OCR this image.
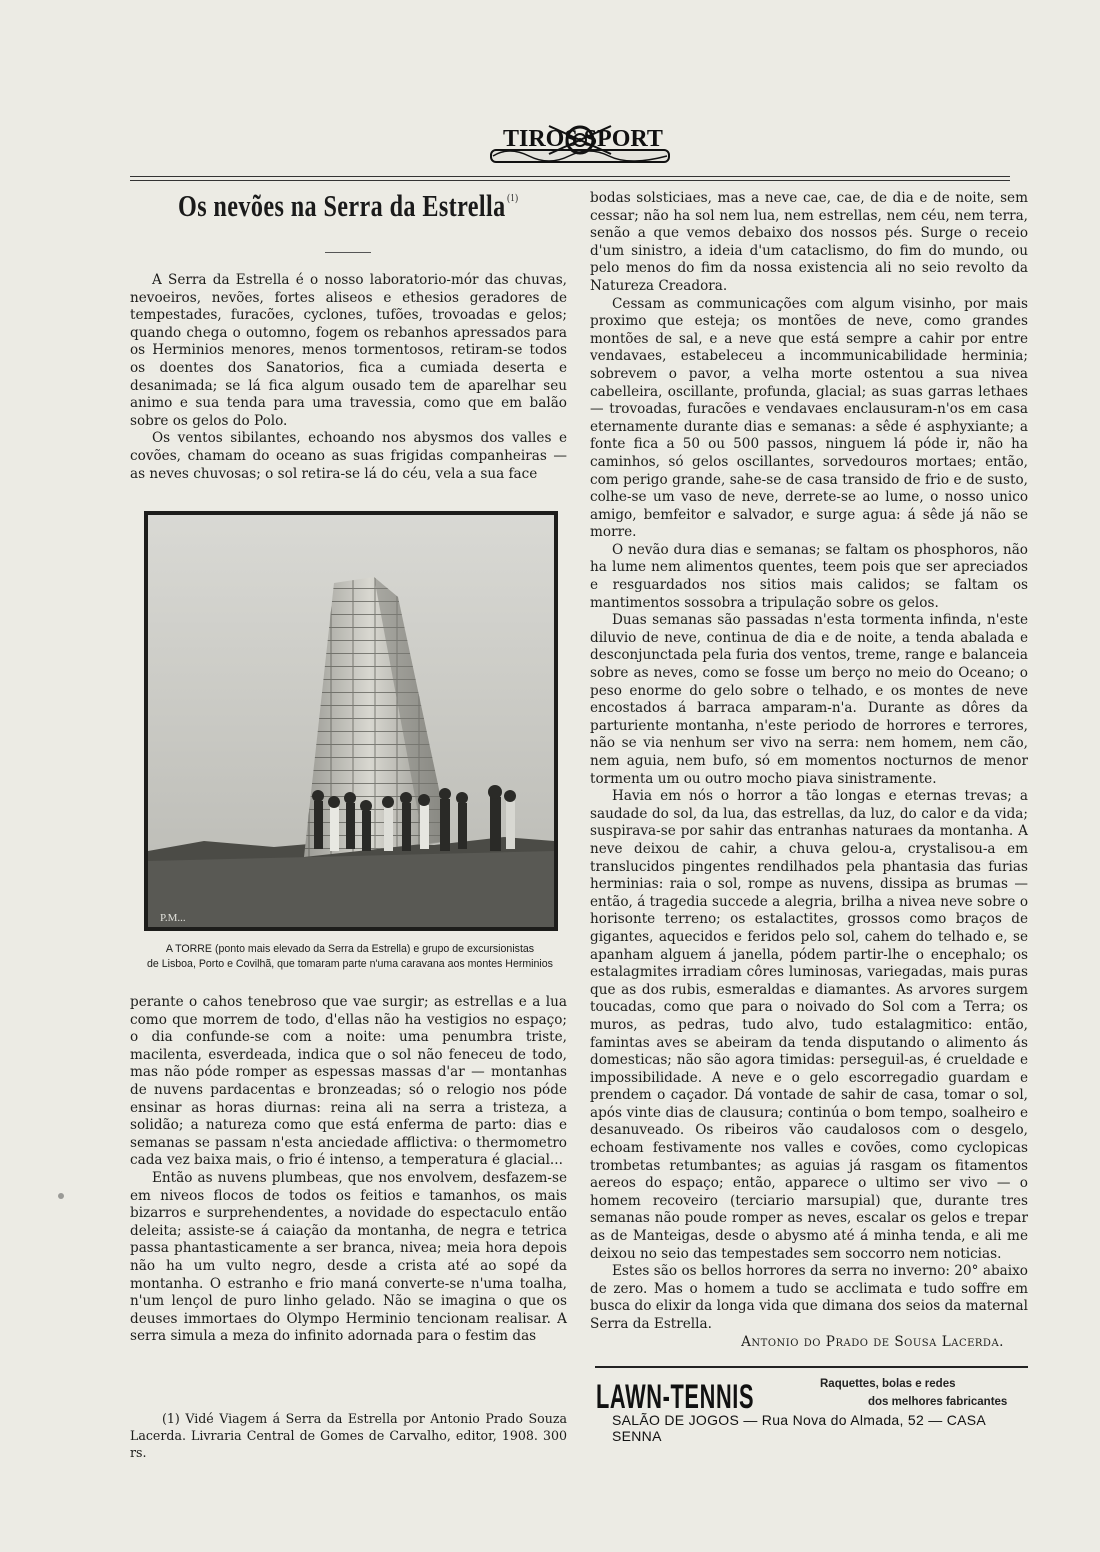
TIROS SPORT
Os nevões na Serra da Estrella $^{(1)}$

A Serra da Estrella é o nosso laboratorio-mór das chuvas, nevoeiros, nevões, fortes aliseos e ethesios geradores de tempestades, furacões, cyclones, tufões, trovoadas e gelos; quando chega o outomno, fogem os rebanhos apressados para os Herminios menores, menos tormentosos, retiram-se todos os doentes dos Sanatorios, fica a cumiada deserta e desanimada; se lá fica algum ousado tem de aparelhar seu animo e sua tenda para uma travessia, como que em balão sobre os gelos do Polo.

Os ventos sibilantes, echoando nos abysmos dos valles e covões, chamam do oceano as suas frigidas companheiras — as neves chuvosas; o sol retira-se lá do céu, vela a sua face

P.M...
A TORRE (ponto mais elevado da Serra da Estrella) e grupo de excursionistas
de Lisboa, Porto e Covilhã, que tomaram parte n'uma caravana aos montes Herminios

perante o cahos tenebroso que vae surgir; as estrellas e a lua como que morrem de todo, d'ellas não ha vestigios no espaço; o dia confunde-se com a noite: uma penumbra triste, macilenta, esverdeada, indica que o sol não feneceu de todo, mas não póde romper as espessas massas d'ar — montanhas de nuvens pardacentas e bronzeadas; só o relogio nos póde ensinar as horas diurnas: reina ali na serra a tristeza, a solidão; a natureza como que está enferma de parto: dias e semanas se passam n'esta anciedade afflictiva: o thermometro cada vez baixa mais, o frio é intenso, a temperatura é glacial...

Então as nuvens plumbeas, que nos envolvem, desfazem-se em niveos flocos de todos os feitios e tamanhos, os mais bizarros e surprehendentes, a novidade do espectaculo então deleita; assiste-se á caiação da montanha, de negra e tetrica passa phantasticamente a ser branca, nivea; meia hora depois não ha um vulto negro, desde a crista até ao sopé da montanha. O estranho e frio maná converte-se n'uma toalha, n'um lençol de puro linho gelado. Não se imagina o que os deuses immortaes do Olympo Herminio tencionam realisar. A serra simula a meza do infinito adornada para o festim das

(1) Vidé Viagem á Serra da Estrella por Antonio Prado Souza Lacerda. Livraria Central de Gomes de Carvalho, editor, 1908. 300 rs.

bodas solsticiaes, mas a neve cae, cae, de dia e de noite, sem cessar; não ha sol nem lua, nem estrellas, nem céu, nem terra, senão a que vemos debaixo dos nossos pés. Surge o receio d'um sinistro, a ideia d'um cataclismo, do fim do mundo, ou pelo menos do fim da nossa existencia ali no seio revolto da Natureza Creadora.

Cessam as communicações com algum visinho, por mais proximo que esteja; os montões de neve, como grandes montões de sal, e a neve que está sempre a cahir por entre vendavaes, estabeleceu a incommunicabilidade herminia; sobrevem o pavor, a velha morte ostentou a sua nivea cabelleira, oscillante, profunda, glacial; as suas garras lethaes — trovoadas, furacões e vendavaes enclausuram-n'os em casa eternamente durante dias e semanas: a sêde é asphyxiante; a fonte fica a 50 ou 500 passos, ninguem lá póde ir, não ha caminhos, só gelos oscillantes, sorvedouros mortaes; então, com perigo grande, sahe-se de casa transido de frio e de susto, colhe-se um vaso de neve, derrete-se ao lume, o nosso unico amigo, bemfeitor e salvador, e surge agua: á sêde já não se morre.

O nevão dura dias e semanas; se faltam os phosphoros, não ha lume nem alimentos quentes, teem pois que ser apreciados e resguardados nos sitios mais calidos; se faltam os mantimentos sossobra a tripulação sobre os gelos.

Duas semanas são passadas n'esta tormenta infinda, n'este diluvio de neve, continua de dia e de noite, a tenda abalada e desconjunctada pela furia dos ventos, treme, range e balanceia sobre as neves, como se fosse um berço no meio do Oceano; o peso enorme do gelo sobre o telhado, e os montes de neve encostados á barraca amparam-n'a. Durante as dôres da parturiente montanha, n'este periodo de horrores e terrores, não se via nenhum ser vivo na serra: nem homem, nem cão, nem aguia, nem bufo, só em momentos nocturnos de menor tormenta um ou outro mocho piava sinistramente.

Havia em nós o horror a tão longas e eternas trevas; a saudade do sol, da lua, das estrellas, da luz, do calor e da vida; suspirava-se por sahir das entranhas naturaes da montanha. A neve deixou de cahir, a chuva gelou-a, crystalisou-a em translucidos pingentes rendilhados pela phantasia das furias herminias: raia o sol, rompe as nuvens, dissipa as brumas — então, á tragedia succede a alegria, brilha a nivea neve sobre o horisonte terreno; os estalactites, grossos como braços de gigantes, aquecidos e feridos pelo sol, cahem do telhado e, se apanham alguem á janella, pódem partir-lhe o encephalo; os estalagmites irradiam côres luminosas, variegadas, mais puras que as dos rubis, esmeraldas e diamantes. As arvores surgem toucadas, como que para o noivado do Sol com a Terra; os muros, as pedras, tudo alvo, tudo estalagmitico: então, famintas aves se abeiram da tenda disputando o alimento ás domesticas; não são agora timidas: perseguil-as, é crueldade e impossibilidade. A neve e o gelo escorregadio guardam e prendem o caçador. Dá vontade de sahir de casa, tomar o sol, após vinte dias de clausura; continúa o bom tempo, soalheiro e desanuveado. Os ribeiros vão caudalosos com o desgelo, echoam festivamente nos valles e covões, como cyclopicas trombetas retumbantes; as aguias já rasgam os fitamentos aereos do espaço; então, apparece o ultimo ser vivo — o homem recoveiro (terciario marsupial) que, durante tres semanas não poude romper as neves, escalar os gelos e trepar as de Manteigas, desde o abysmo até á minha tenda, e ali me deixou no seio das tempestades sem soccorro nem noticias.

Estes são os bellos horrores da serra no inverno: 20° abaixo de zero. Mas o homem a tudo se acclimata e tudo soffre em busca do elixir da longa vida que dimana dos seios da maternal Serra da Estrella.

Antonio do Prado de Sousa Lacerda.
LAWN-TENNIS	Raquettes, bolas e redes
dos melhores fabricantes
SALÃO DE JOGOS — Rua Nova do Almada, 52 — CASA SENNA
